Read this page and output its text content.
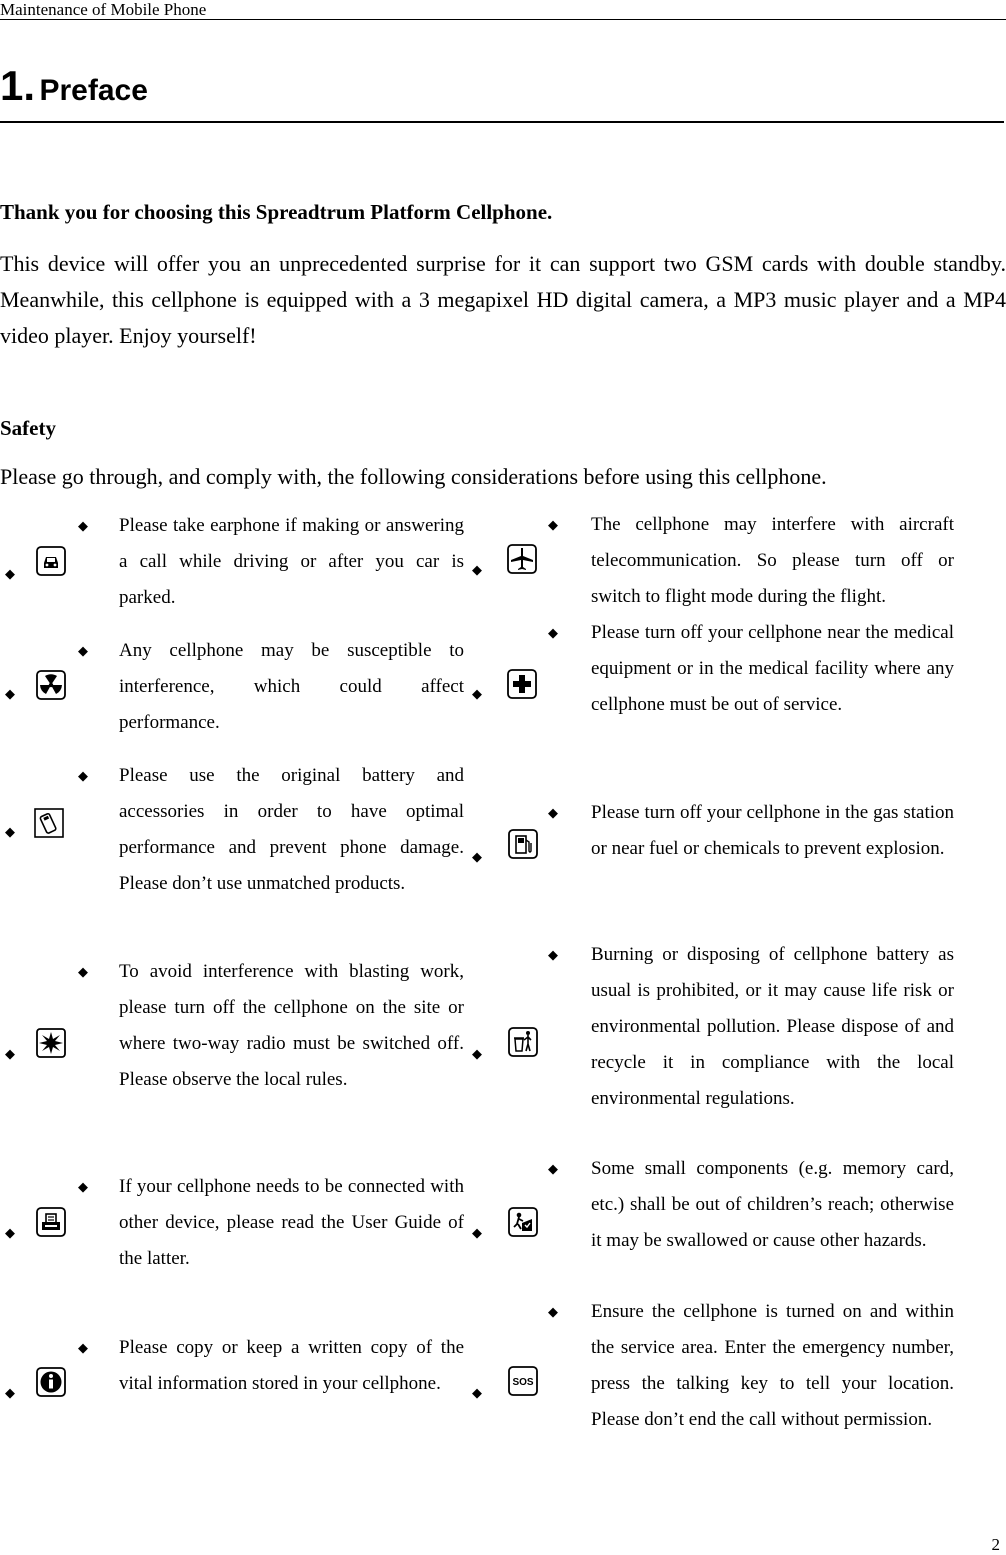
Maintenance of Mobile Phone
1. Preface
Thank you for choosing this Spreadtrum Platform Cellphone.
This device will offer you an unprecedented surprise for it can support two GSM cards with double standby. Meanwhile, this cellphone is equipped with a 3 megapixel HD digital camera, a MP3 music player and a MP4 video player. Enjoy yourself!
Safety
Please go through, and comply with, the following considerations before using this cellphone.
◆
◆ Please take earphone if making or answering a call while driving or after you car is parked.
◆
◆ Any cellphone may be susceptible to interference, which could affect performance.
◆
◆ Please use the original battery and accessories in order to have optimal performance and prevent phone damage. Please don’t use unmatched products.
◆
◆ To avoid interference with blasting work, please turn off the cellphone on the site or where two-way radio must be switched off. Please observe the local rules.
◆
◆ If your cellphone needs to be connected with other device, please read the User Guide of the latter.
◆
◆ Please copy or keep a written copy of the vital information stored in your cellphone.
◆
◆ The cellphone may interfere with aircraft telecommunication. So please turn off or switch to flight mode during the flight.
◆
◆ Please turn off your cellphone near the medical equipment or in the medical facility where any cellphone must be out of service.
◆
◆ Please turn off your cellphone in the gas station or near fuel or chemicals to prevent explosion.
◆
◆ Burning or disposing of cellphone battery as usual is prohibited, or it may cause life risk or environmental pollution. Please dispose of and recycle it in compliance with the local environmental regulations.
◆
◆ Some small components (e.g. memory card, etc.) shall be out of children’s reach; otherwise it may be swallowed or cause other hazards.
◆
SOS
◆ Ensure the cellphone is turned on and within the service area. Enter the emergency number, press the talking key to tell your location. Please don’t end the call without permission.
2
